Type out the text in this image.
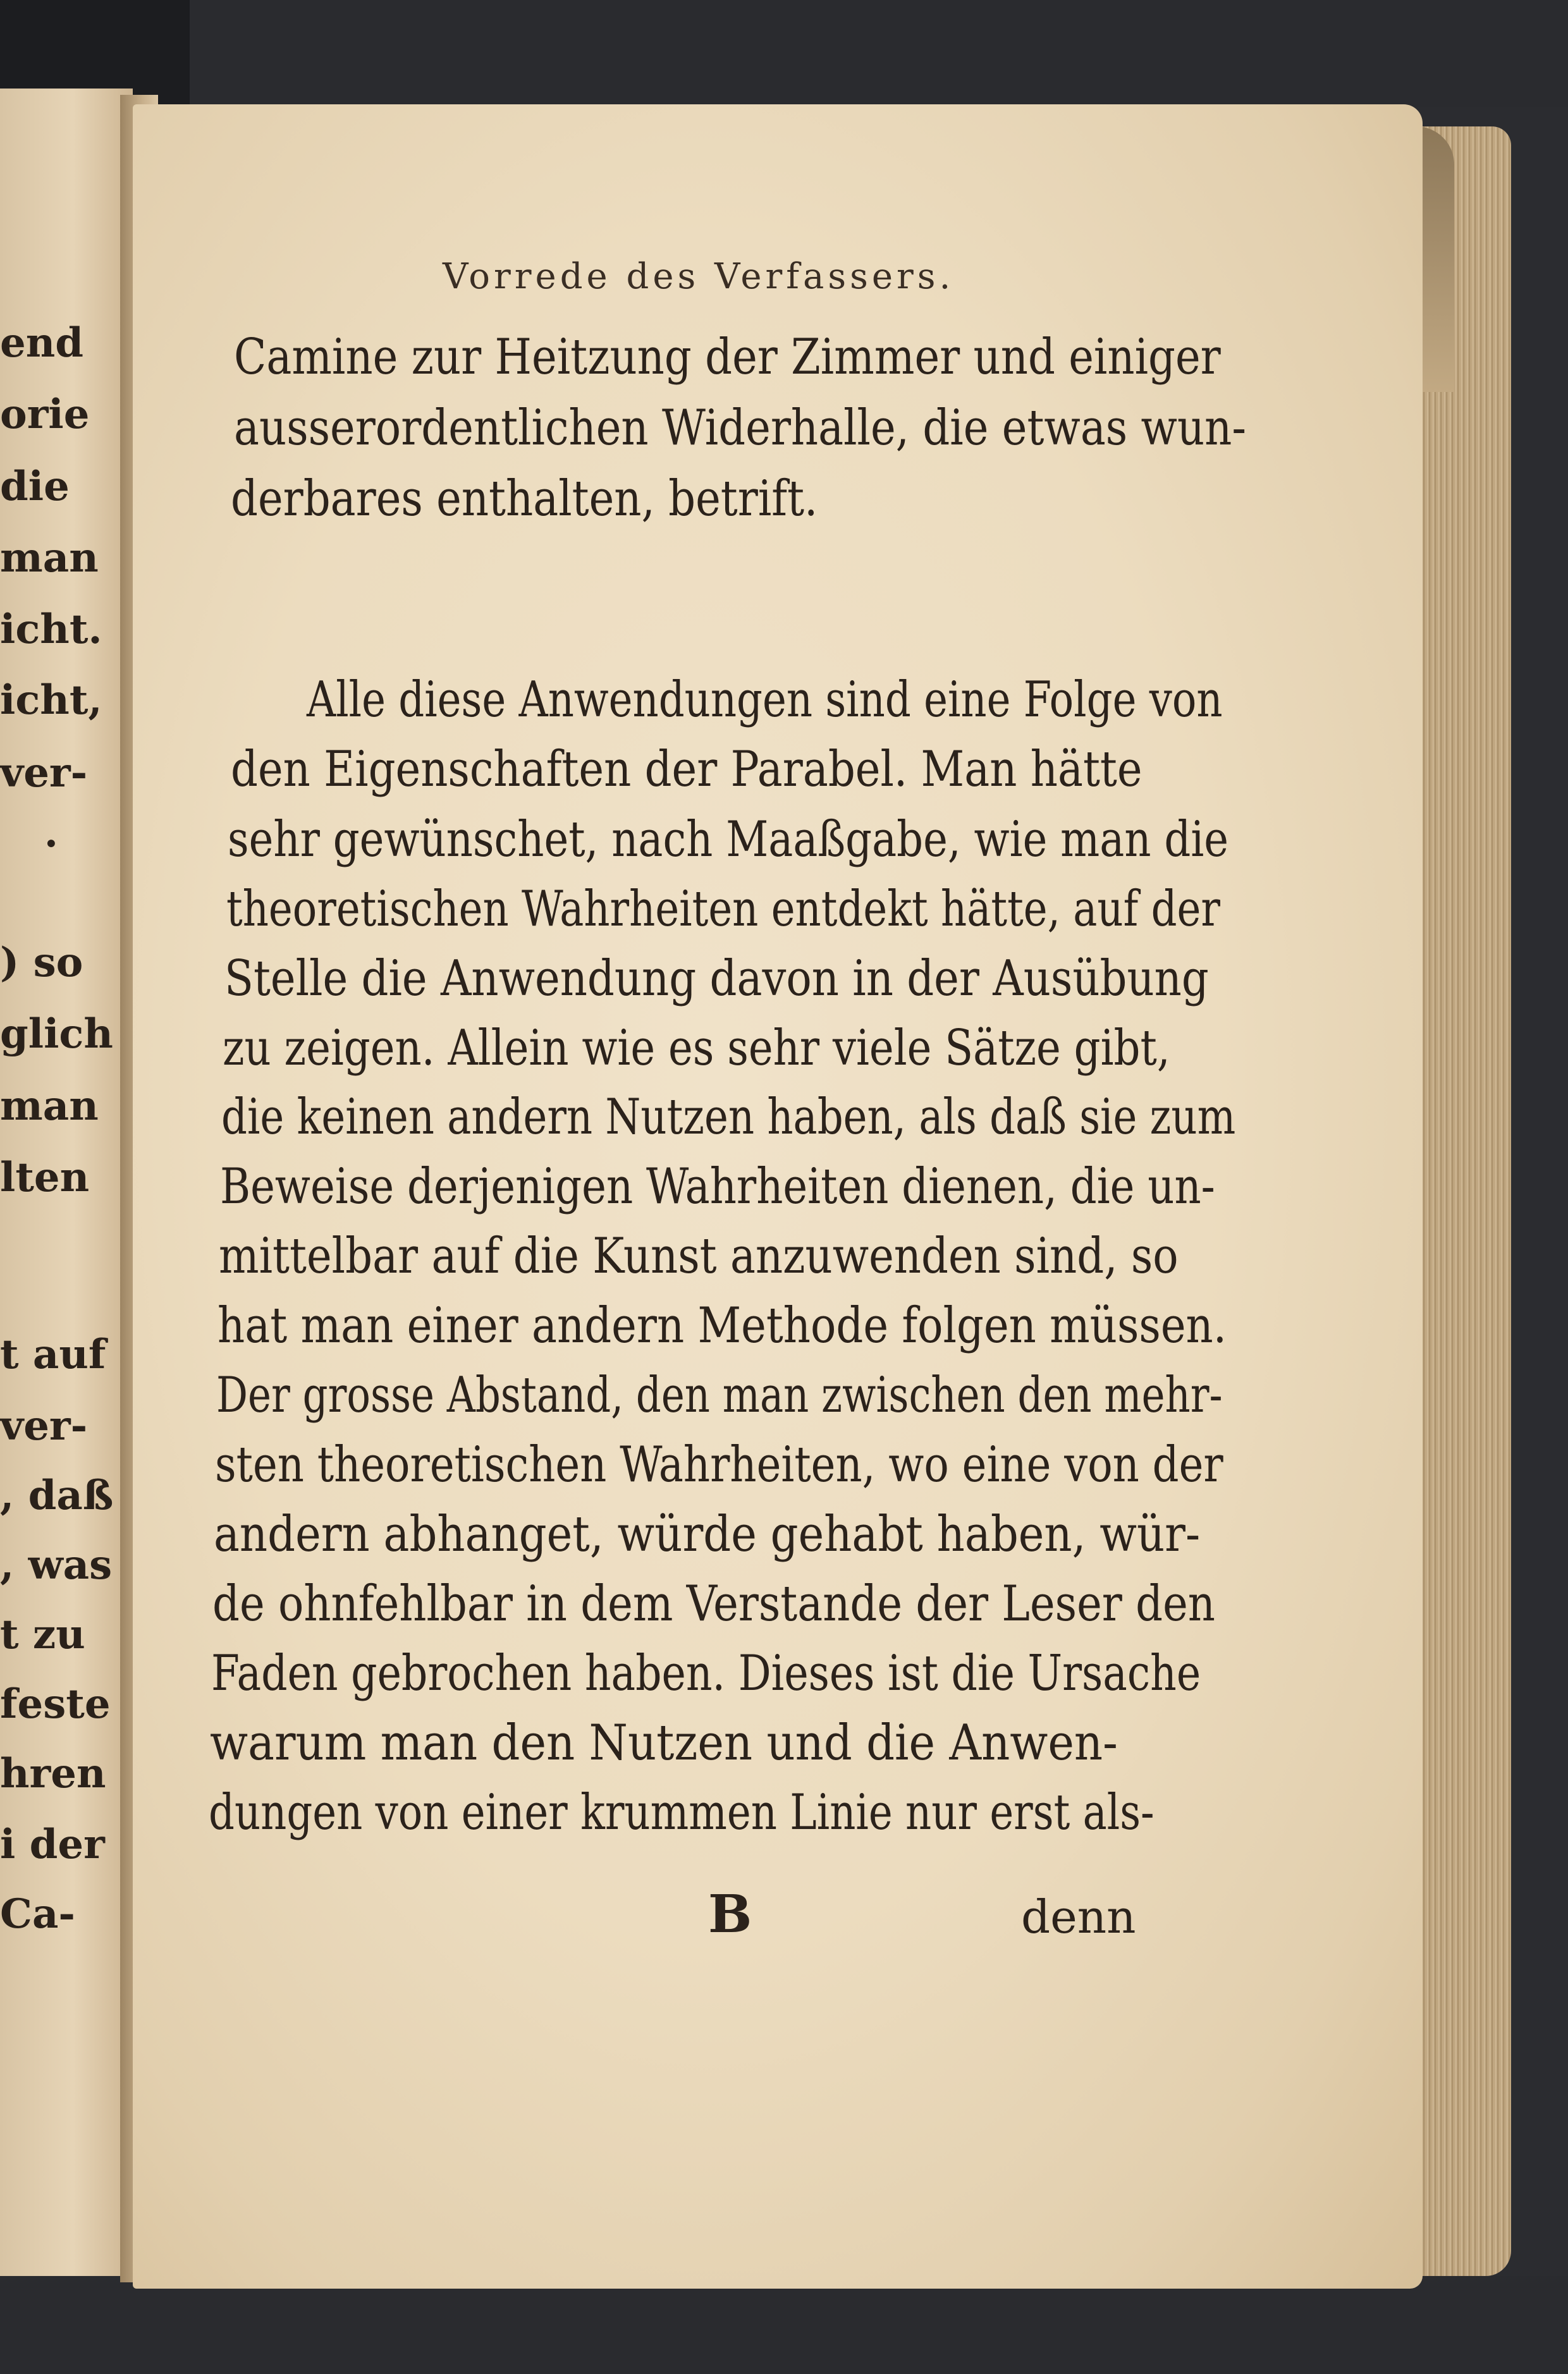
end
orie
die
man
icht.
icht,
ver-
.
) so
glich
man
lten
t auf
ver-
, daß
, was
t zu
feste
hren
i der
Ca-
Vorrede des Verfassers.
Camine zur Heitzung der Zimmer und einiger
ausserordentlichen Widerhalle, die etwas wun-
derbares enthalten, betrift.
Alle diese Anwendungen sind eine Folge von
den Eigenschaften der Parabel. Man hätte
sehr gewünschet, nach Maaßgabe, wie man die
theoretischen Wahrheiten entdekt hätte, auf der
Stelle die Anwendung davon in der Ausübung
zu zeigen. Allein wie es sehr viele Sätze gibt,
die keinen andern Nutzen haben, als daß sie zum
Beweise derjenigen Wahrheiten dienen, die un-
mittelbar auf die Kunst anzuwenden sind, so
hat man einer andern Methode folgen müssen.
Der grosse Abstand, den man zwischen den mehr-
sten theoretischen Wahrheiten, wo eine von der
andern abhanget, würde gehabt haben, wür-
de ohnfehlbar in dem Verstande der Leser den
Faden gebrochen haben. Dieses ist die Ursache
warum man den Nutzen und die Anwen-
dungen von einer krummen Linie nur erst als-
B	denn
